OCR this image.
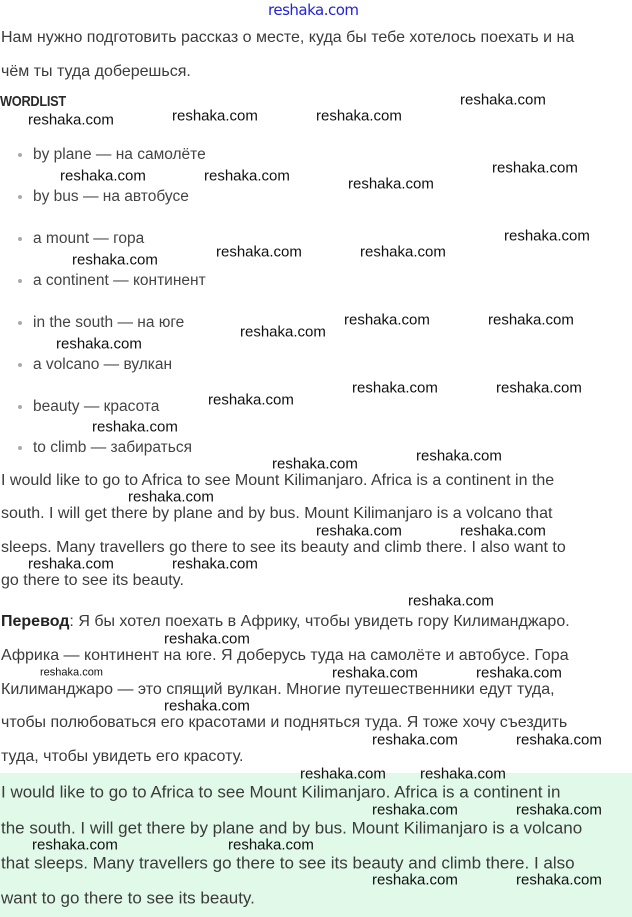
reshaka.com
Нам нужно подготовить рассказ о месте, куда бы тебе хотелось поехать и на
чём ты туда доберешься.
WORDLIST
by plane — на самолёте
by bus — на автобусе
a mount — гора
a continent — континент
in the south — на юге
a volcano — вулкан
beauty — красота
to climb — забираться
I would like to go to Africa to see Mount Kilimanjaro. Africa is a continent in the
south. I will get there by plane and by bus. Mount Kilimanjaro is a volcano that
sleeps. Many travellers go there to see its beauty and climb there. I also want to
go there to see its beauty.
Перевод: Я бы хотел поехать в Африку, чтобы увидеть гору Килиманджаро.
Африка — континент на юге. Я доберусь туда на самолёте и автобусе. Гора
Килиманджаро — это спящий вулкан. Многие путешественники едут туда,
чтобы полюбоваться его красотами и подняться туда. Я тоже хочу съездить
туда, чтобы увидеть его красоту.
I would like to go to Africa to see Mount Kilimanjaro. Africa is a continent in
the south. I will get there by plane and by bus. Mount Kilimanjaro is a volcano
that sleeps. Many travellers go there to see its beauty and climb there. I also
want to go there to see its beauty.
reshaka.com
reshaka.com	reshaka.com	reshaka.com
reshaka.com
reshaka.com	reshaka.com	reshaka.com
reshaka.com
reshaka.com	reshaka.com
reshaka.com
reshaka.com	reshaka.com
reshaka.com
reshaka.com
reshaka.com	reshaka.com
reshaka.com
reshaka.com
reshaka.com
reshaka.com
reshaka.com
reshaka.com
reshaka.com
reshaka.com	reshaka.com
reshaka.com
reshaka.com
reshaka.com	reshaka.com
reshaka.com
reshaka.com
reshaka.com	reshaka.com
reshaka.com reshaka.com
reshaka.com	reshaka.com
reshaka.com	reshaka.com
reshaka.com	reshaka.com
